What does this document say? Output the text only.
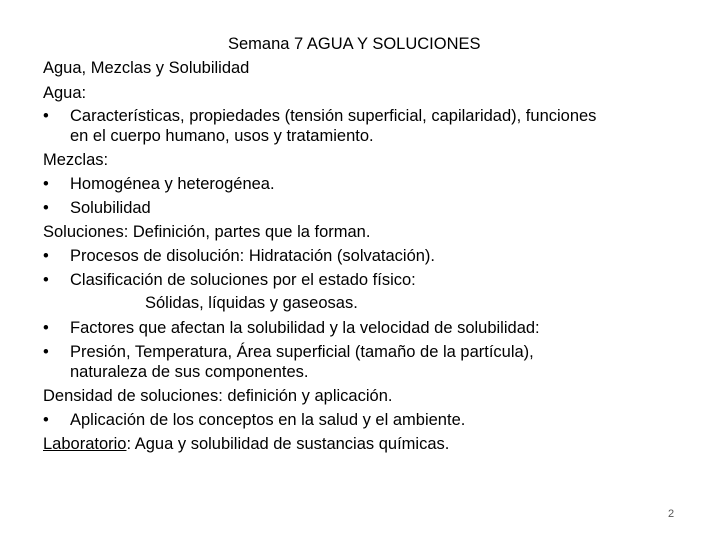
Semana 7 AGUA Y SOLUCIONES
Agua, Mezclas y Solubilidad
Agua:
• Características, propiedades (tensión superficial, capilaridad), funciones
en el cuerpo humano, usos y tratamiento.
Mezclas:
• Homogénea y heterogénea.
• Solubilidad
Soluciones: Definición, partes que la forman.
• Procesos de disolución: Hidratación (solvatación).
• Clasificación de soluciones por el estado físico:
Sólidas, líquidas y gaseosas.
• Factores que afectan la solubilidad y la velocidad de solubilidad:
• Presión, Temperatura, Área superficial (tamaño de la partícula),
naturaleza de sus componentes.
Densidad de soluciones: definición y aplicación.
• Aplicación de los conceptos en la salud y el ambiente.
Laboratorio: Agua y solubilidad de sustancias químicas.
2
